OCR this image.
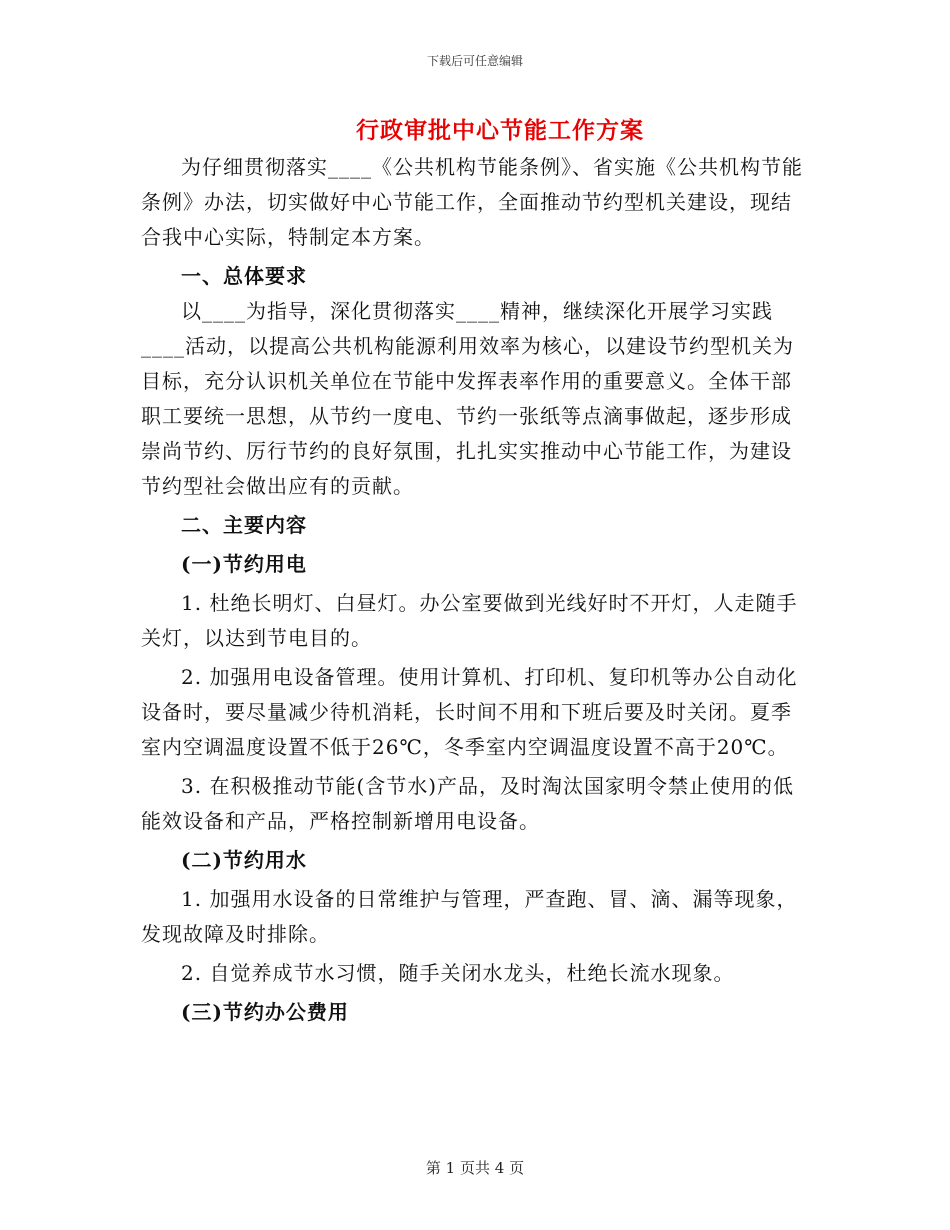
下载后可任意编辑
行政审批中心节能工作方案

为仔细贯彻落实____《公共机构节能条例》、省实施《公共机构节能条例》办法，切实做好中心节能工作，全面推动节约型机关建设，现结合我中心实际，特制定本方案。

一、总体要求

以____为指导，深化贯彻落实____精神，继续深化开展学习实践____活动，以提高公共机构能源利用效率为核心，以建设节约型机关为目标，充分认识机关单位在节能中发挥表率作用的重要意义。全体干部职工要统一思想，从节约一度电、节约一张纸等点滴事做起，逐步形成崇尚节约、厉行节约的良好氛围，扎扎实实推动中心节能工作，为建设节约型社会做出应有的贡献。

二、主要内容

(一)节约用电

1. 杜绝长明灯、白昼灯。办公室要做到光线好时不开灯，人走随手关灯，以达到节电目的。

2. 加强用电设备管理。使用计算机、打印机、复印机等办公自动化设备时，要尽量减少待机消耗，长时间不用和下班后要及时关闭。夏季室内空调温度设置不低于26℃，冬季室内空调温度设置不高于20℃。

3. 在积极推动节能(含节水)产品，及时淘汰国家明令禁止使用的低能效设备和产品，严格控制新增用电设备。

(二)节约用水

1. 加强用水设备的日常维护与管理，严查跑、冒、滴、漏等现象，发现故障及时排除。

2. 自觉养成节水习惯，随手关闭水龙头，杜绝长流水现象。

(三)节约办公费用

第 1 页共 4 页
